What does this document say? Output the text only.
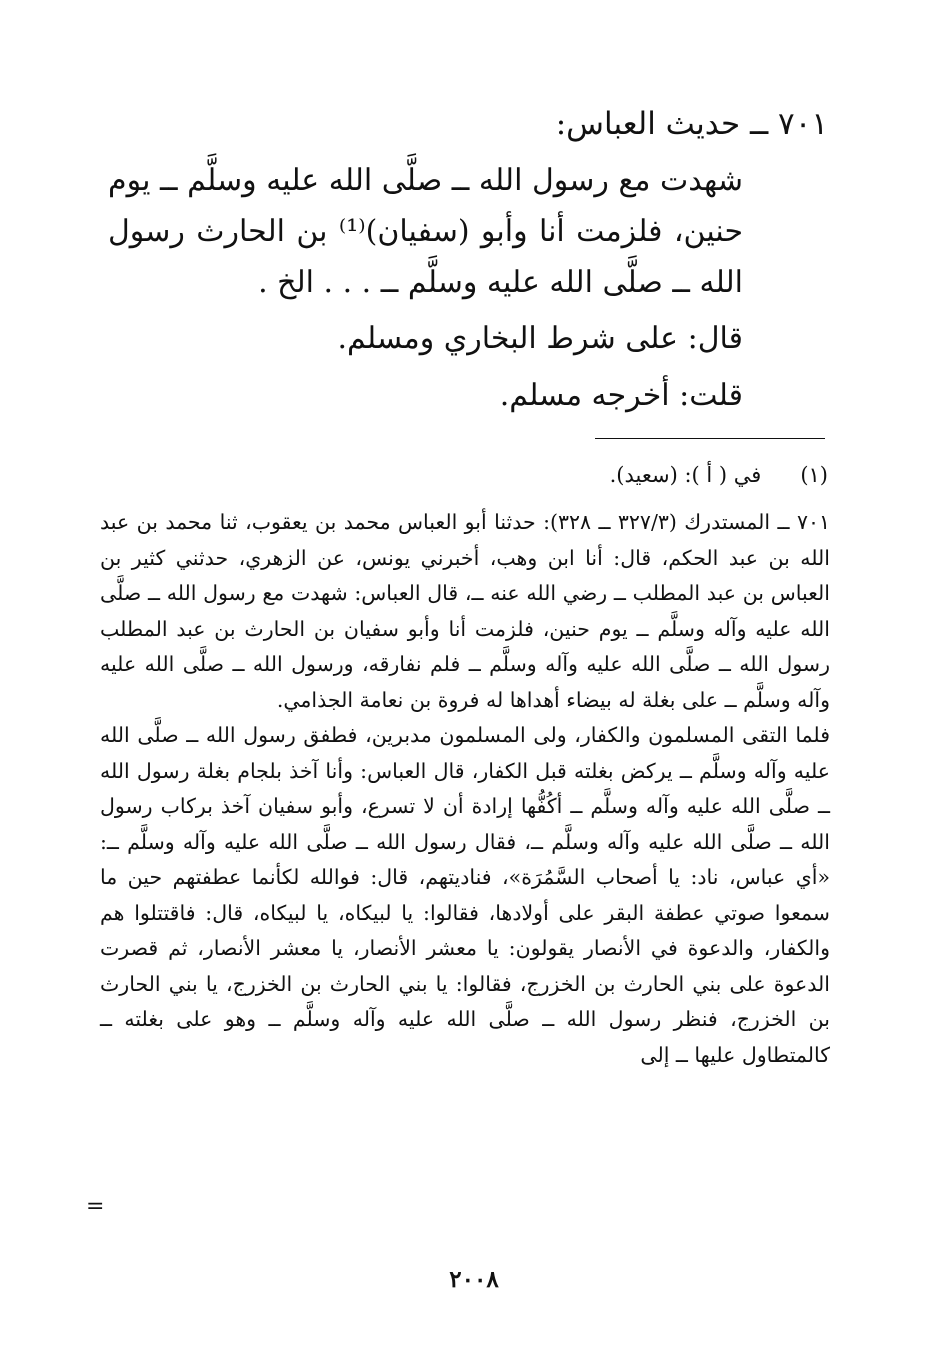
٧٠١ ــ حديث العباس:

شهدت مع رسول الله ــ صلَّى الله عليه وسلَّم ــ يوم حنين، فلزمت أنا وأبو (سفيان)⁽¹⁾ بن الحارث رسول الله ــ صلَّى الله عليه وسلَّم ــ . . . الخ .

قال: على شرط البخاري ومسلم.
قلت: أخرجه مسلم.
(١) في ( أ ): (سعيد).

٧٠١ ــ المستدرك (٣٢٧/٣ ــ ٣٢٨): حدثنا أبو العباس محمد بن يعقوب، ثنا محمد بن عبد الله بن عبد الحكم، قال: أنا ابن وهب، أخبرني يونس، عن الزهري، حدثني كثير بن العباس بن عبد المطلب ــ رضي الله عنه ــ، قال العباس: شهدت مع رسول الله ــ صلَّى الله عليه وآله وسلَّم ــ يوم حنين، فلزمت أنا وأبو سفيان بن الحارث بن عبد المطلب رسول الله ــ صلَّى الله عليه وآله وسلَّم ــ فلم نفارقه، ورسول الله ــ صلَّى الله عليه وآله وسلَّم ــ على بغلة له بيضاء أهداها له فروة بن نعامة الجذامي.

فلما التقى المسلمون والكفار، ولى المسلمون مدبرين، فطفق رسول الله ــ صلَّى الله عليه وآله وسلَّم ــ يركض بغلته قبل الكفار، قال العباس: وأنا آخذ بلجام بغلة رسول الله ــ صلَّى الله عليه وآله وسلَّم ــ أكُفُّها إرادة أن لا تسرع، وأبو سفيان آخذ بركاب رسول الله ــ صلَّى الله عليه وآله وسلَّم ــ، فقال رسول الله ــ صلَّى الله عليه وآله وسلَّم ــ: «أي عباس، ناد: يا أصحاب السَّمُرَة»، فناديتهم، قال: فوالله لكأنما عطفتهم حين ما سمعوا صوتي عطفة البقر على أولادها، فقالوا: يا لبيكاه، يا لبيكاه، قال: فاقتتلوا هم والكفار، والدعوة في الأنصار يقولون: يا معشر الأنصار، يا معشر الأنصار، ثم قصرت الدعوة على بني الحارث بن الخزرج، فقالوا: يا بني الحارث بن الخزرج، يا بني الحارث بن الخزرج، فنظر رسول الله ــ صلَّى الله عليه وآله وسلَّم ــ وهو على بغلته ــ كالمتطاول عليها ــ إلى

=
٢٠٠٨
